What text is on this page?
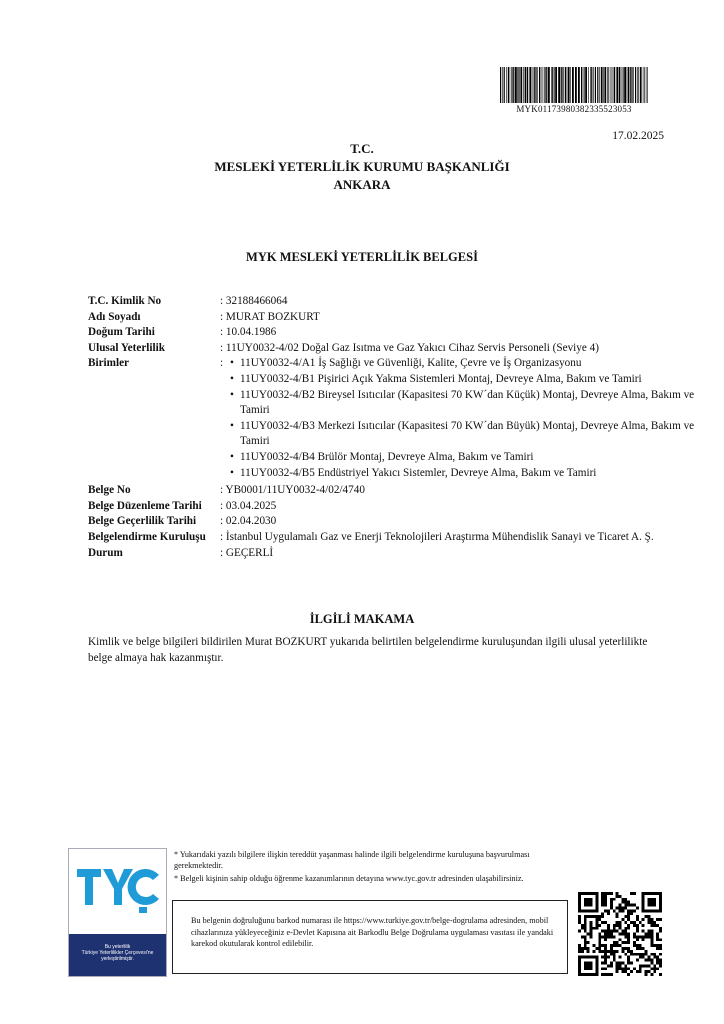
MYK01173980382335523053
17.02.2025
T.C.
MESLEKİ YETERLİLİK KURUMU BAŞKANLIĞI
ANKARA
MYK MESLEKİ YETERLİLİK BELGESİ
T.C. Kimlik No	: 32188466064
Adı Soyadı	: MURAT BOZKURT
Doğum Tarihi	: 10.04.1986
Ulusal Yeterlilik	: 11UY0032-4/02 Doğal Gaz Isıtma ve Gaz Yakıcı Cihaz Servis Personeli (Seviye 4)
Birimler	:
•	11UY0032-4/A1 İş Sağlığı ve Güvenliği, Kalite, Çevre ve İş Organizasyonu
• 11UY0032-4/B1 Pişirici Açık Yakma Sistemleri Montaj, Devreye Alma, Bakım ve Tamiri
• 11UY0032-4/B2 Bireysel Isıtıcılar (Kapasitesi 70 KW´dan Küçük) Montaj, Devreye Alma, Bakım ve Tamiri
• 11UY0032-4/B3 Merkezi Isıtıcılar (Kapasitesi 70 KW´dan Büyük) Montaj, Devreye Alma, Bakım ve Tamiri
• 11UY0032-4/B4 Brülör Montaj, Devreye Alma, Bakım ve Tamiri
• 11UY0032-4/B5 Endüstriyel Yakıcı Sistemler, Devreye Alma, Bakım ve Tamiri
Belge No	: YB0001/11UY0032-4/02/4740
Belge Düzenleme Tarihi	: 03.04.2025
Belge Geçerlilik Tarihi	: 02.04.2030
Belgelendirme Kuruluşu	: İstanbul Uygulamalı Gaz ve Enerji Teknolojileri Araştırma Mühendislik Sanayi ve Ticaret A. Ş.
Durum	: GEÇERLİ
İLGİLİ MAKAMA
Kimlik ve belge bilgileri bildirilen Murat BOZKURT yukarıda belirtilen belgelendirme kuruluşundan ilgili ulusal yeterlilikte belge almaya hak kazanmıştır.
Bu yeterlilik
Türkiye Yeterlilikler Çerçevesi'ne
yerleştirilmiştir.
* Yukarıdaki yazılı bilgilere ilişkin tereddüt yaşanması halinde ilgili belgelendirme kuruluşuna başvurulması gerekmektedir.
* Belgeli kişinin sahip olduğu öğrenme kazanımlarının detayına www.tyc.gov.tr adresinden ulaşabilirsiniz.
Bu belgenin doğruluğunu barkod numarası ile https://www.turkiye.gov.tr/belge-dogrulama adresinden, mobil cihazlarınıza yükleyeceğiniz e-Devlet Kapısına ait Barkodlu Belge Doğrulama uygulaması vasıtası ile yandaki karekod okutularak kontrol edilebilir.
